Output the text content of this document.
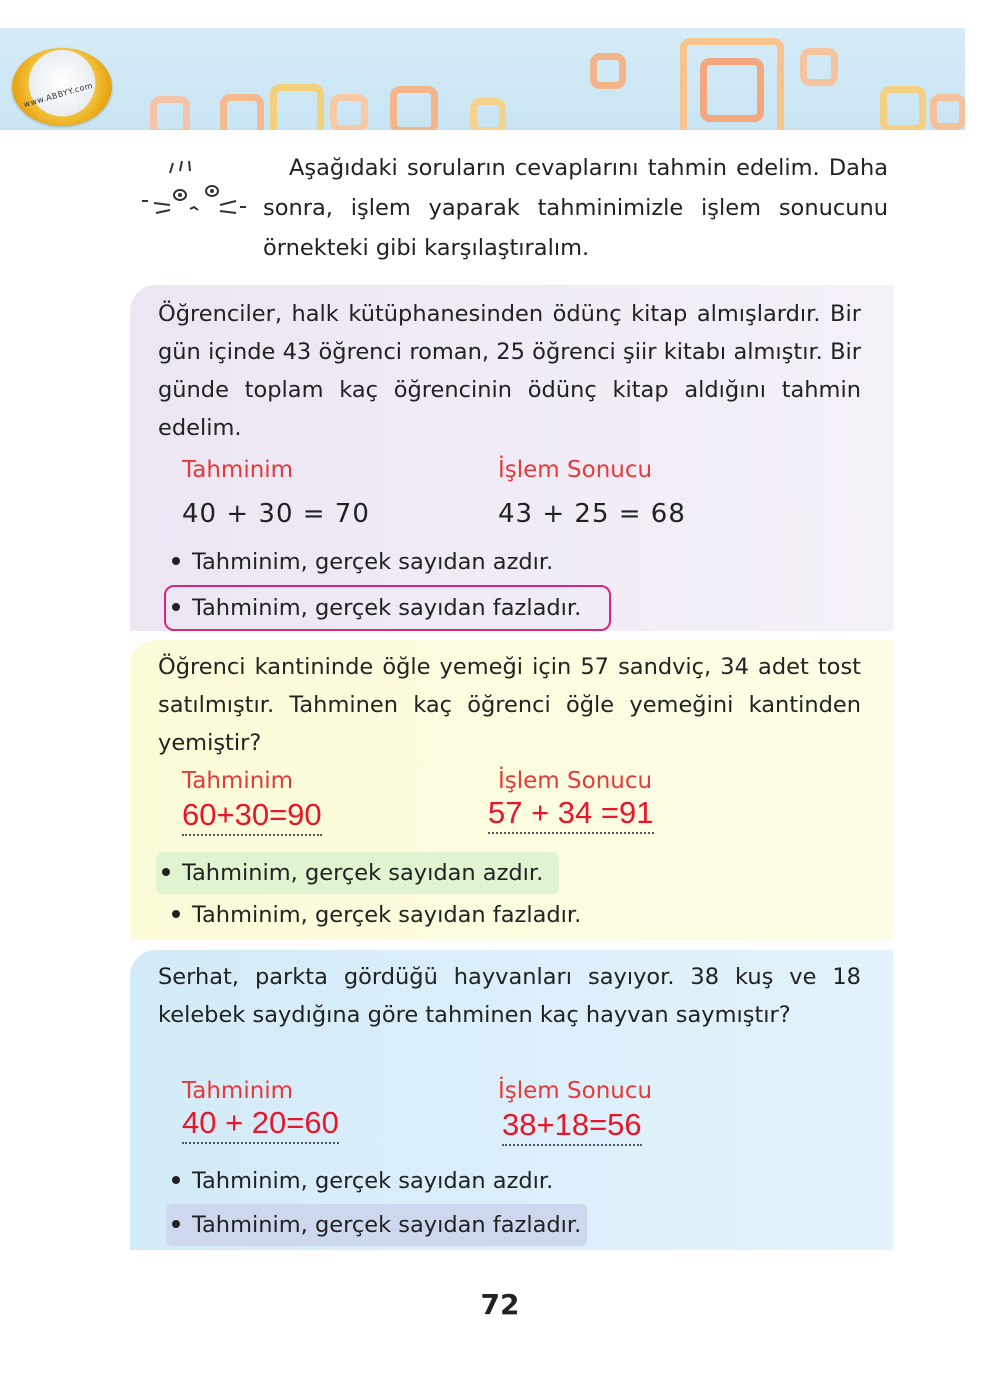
www.ABBYY.com
Aşağıdaki soruların cevaplarını tahmin edelim. Daha sonra, işlem yaparak tahminimizle işlem sonucunu örnekteki gibi karşılaştıralım.
Öğrenciler, halk kütüphanesinden ödünç kitap almışlardır. Bir gün içinde 43 öğrenci roman, 25 öğrenci şiir kitabı almıştır. Bir günde toplam kaç öğrencinin ödünç kitap aldığını tahmin edelim.
Tahminim	İşlem Sonucu
40 + 30 = 70	43 + 25 = 68
Tahminim, gerçek sayıdan azdır.
Tahminim, gerçek sayıdan fazladır.
Öğrenci kantininde öğle yemeği için 57 sandviç, 34 adet tost satılmıştır. Tahminen kaç öğrenci öğle yemeğini kantinden yemiştir?
Tahminim	İşlem Sonucu
60+30=90	57 + 34 =91
Tahminim, gerçek sayıdan azdır.
Tahminim, gerçek sayıdan fazladır.
Serhat, parkta gördüğü hayvanları sayıyor. 38 kuş ve 18 kelebek saydığına göre tahminen kaç hayvan saymıştır?
Tahminim	İşlem Sonucu
40 + 20=60	38+18=56
Tahminim, gerçek sayıdan azdır.
Tahminim, gerçek sayıdan fazladır.
72
